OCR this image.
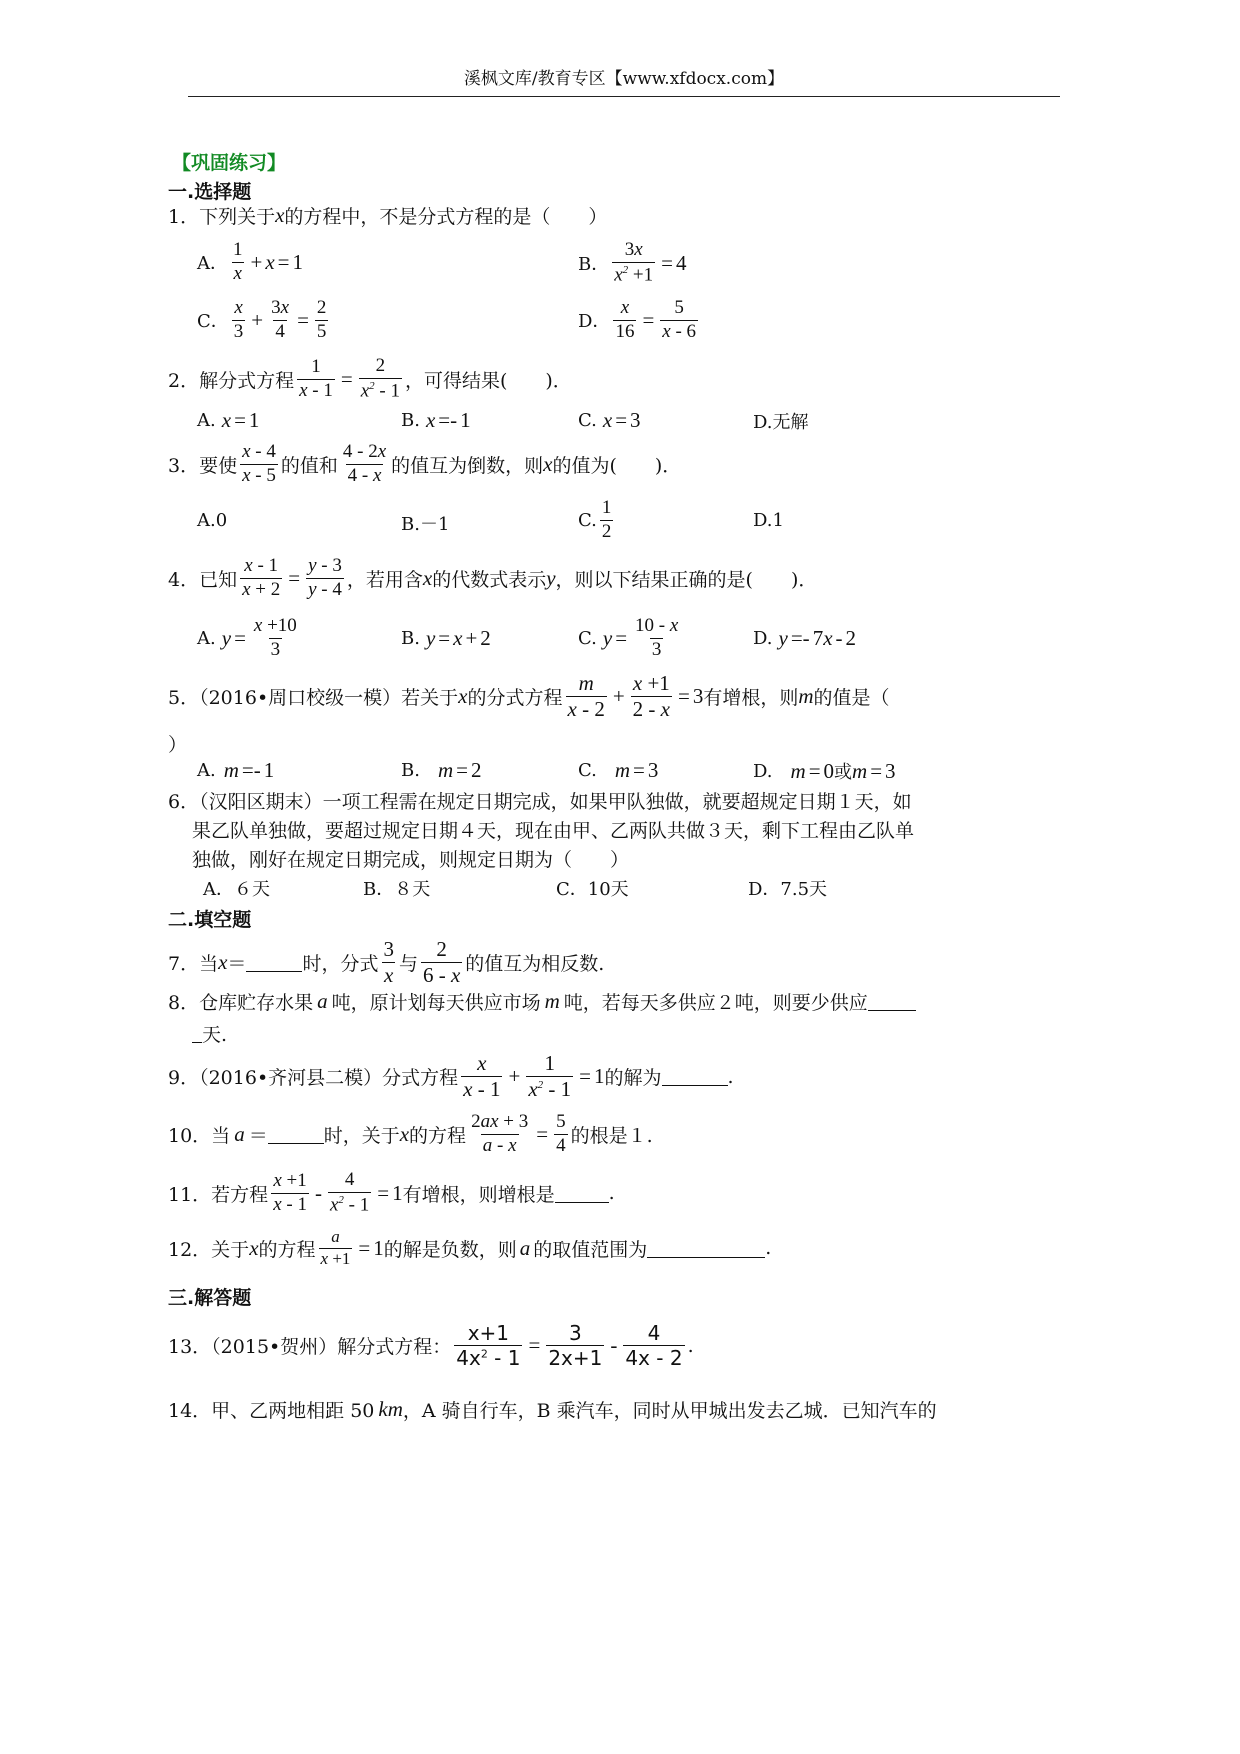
溪枫文库/教育专区【www.xfdocx.com】
【巩固练习】
一.选择题
1．下列关于 x 的方程中，不是分式方程的是（　　）
A． $\frac{1}{x} + x = 1$	B． $\frac{3x}{x^2 +1} = 4$
C． $\frac{x}{3} + \frac{3x}{4} = \frac{2}{5}$	D． $\frac{x}{16} = \frac{5}{x - 6}$
2．解分式方程 $\frac{1}{x - 1} = \frac{2}{x^2 - 1}$ ，可得结果(　　)．
A. x = 1	B. x =- 1	C. x = 3	D.无解
3．要使 $\frac{x - 4}{x - 5}$ 的值和 $\frac{4 - 2x}{4 - x}$ 的值互为倒数，则 x 的值为(　　)．
A.0	B.－1	C. $\frac{1}{2}$	D.1
4．已知 $\frac{x - 1}{x + 2} = \frac{y - 3}{y - 4}$ ，若用含 x 的代数式表示 y ，则以下结果正确的是(　　)．
A. $y = \frac{x +10}{3}$	B. y = x + 2	C. $y = \frac{10 - x}{3}$	D. y =- 7 x - 2
5．（2016•周口校级一模）若关于 x 的分式方程 $\frac{m}{x - 2} + \frac{x +1}{2 - x} = 3$ 有增根，则 m 的值是（
）
A. m =- 1	B. m = 2	C. m = 3	D. m = 0 或 m = 3
6．（汉阳区期末）一项工程需在规定日期完成，如果甲队独做，就要超规定日期１天，如
果乙队单独做，要超过规定日期４天，现在由甲、乙两队共做３天，剩下工程由乙队单
独做，刚好在规定日期完成，则规定日期为（　　）
A．６天	B．８天	C．10天	D．7.5天
二.填空题
7．当 x ＝	时，分式 $\frac{3}{x}$ 与 $\frac{2}{6 - x}$ 的值互为相反数.
8．仓库贮存水果 a 吨，原计划每天供应市场 m 吨，若每天多供应２吨，则要少供应
天.
9．（2016•齐河县二模）分式方程 $\frac{x}{x - 1} + \frac{1}{x^2 - 1} = 1$ 的解为	.
10．当 a ＝	时，关于 x 的方程 $\frac{2ax + 3}{a - x} = \frac{5}{4}$ 的根是１.
11．若方程 $\frac{x +1}{x - 1} - \frac{4}{x^2 - 1} = 1$ 有增根，则增根是	.
12．关于 x 的方程 $\frac{a}{x +1} = 1$ 的解是负数，则 a 的取值范围为	.
三.解答题
13．（2015•贺州）解分式方程： $\frac{x+1}{4x^2 - 1} = \frac{3}{2x+1} - \frac{4}{4x - 2}$ .
14．甲、乙两地相距 50 km ，A 骑自行车，B 乘汽车，同时从甲城出发去乙城．已知汽车的
